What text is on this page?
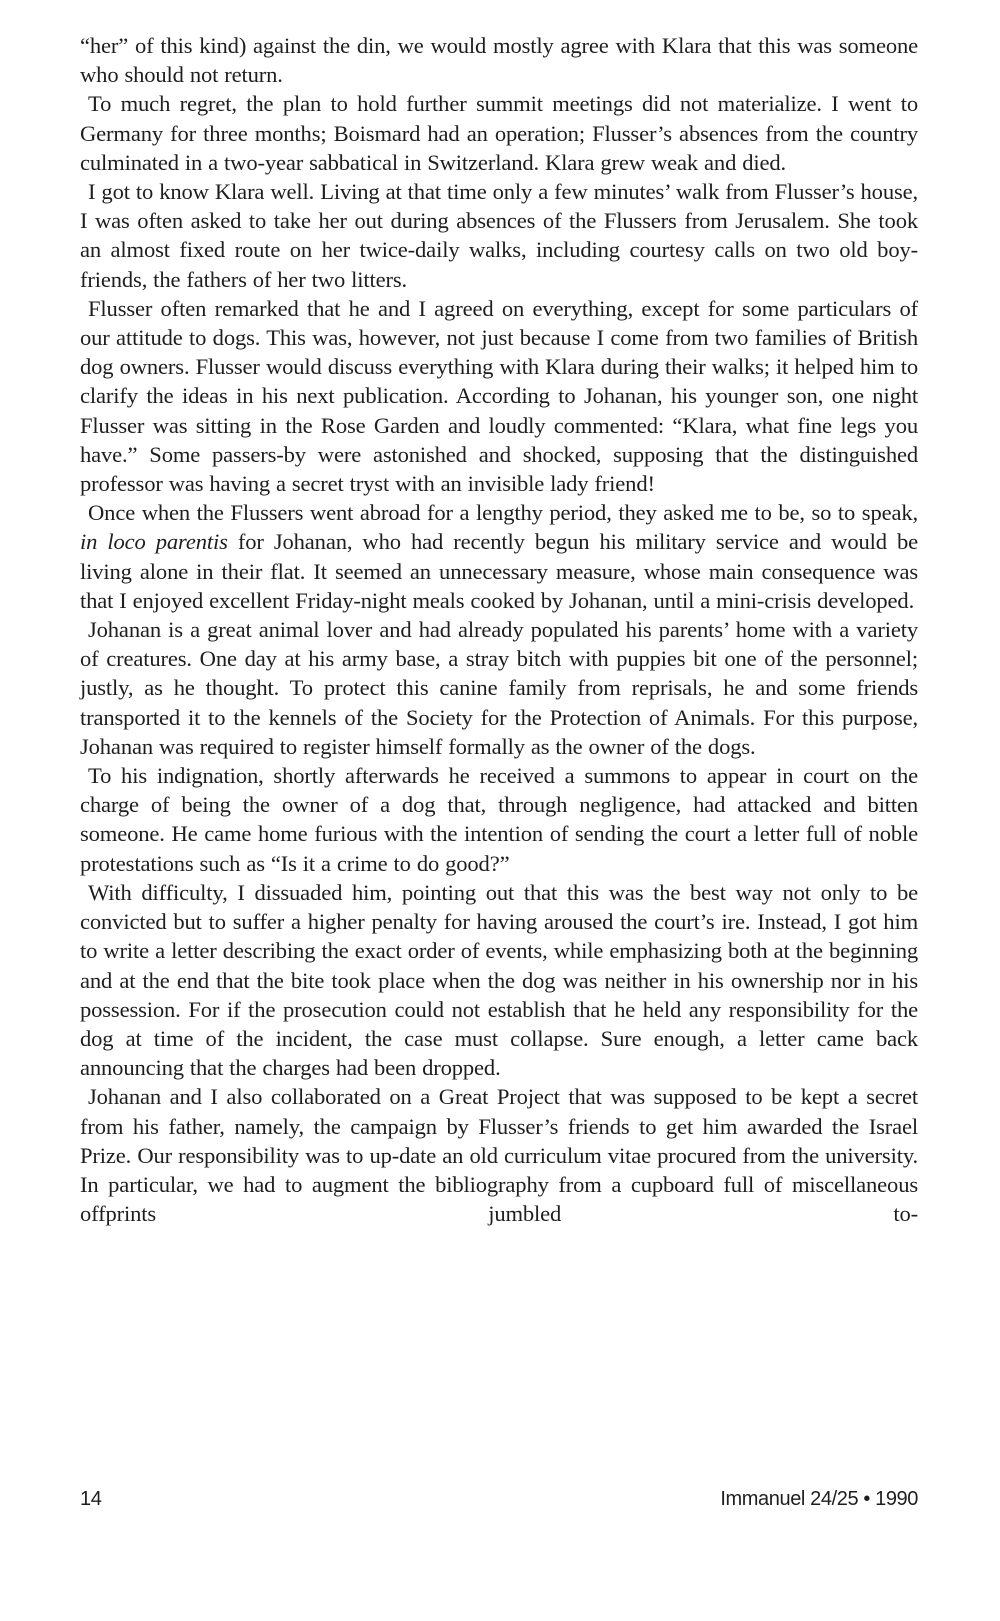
“her” of this kind) against the din, we would mostly agree with Klara that this was someone who should not return.

To much regret, the plan to hold further summit meetings did not materialize. I went to Germany for three months; Boismard had an operation; Flusser’s absences from the country culminated in a two-year sabbatical in Switzerland. Klara grew weak and died.

I got to know Klara well. Living at that time only a few minutes’ walk from Flusser’s house, I was often asked to take her out during absences of the Flussers from Jerusalem. She took an almost fixed route on her twice-daily walks, including courtesy calls on two old boy-friends, the fathers of her two litters.

Flusser often remarked that he and I agreed on everything, except for some particulars of our attitude to dogs. This was, however, not just because I come from two families of British dog owners. Flusser would discuss everything with Klara during their walks; it helped him to clarify the ideas in his next publication. According to Johanan, his younger son, one night Flusser was sitting in the Rose Garden and loudly commented: “Klara, what fine legs you have.” Some passers-by were astonished and shocked, supposing that the distinguished professor was having a secret tryst with an invisible lady friend!

Once when the Flussers went abroad for a lengthy period, they asked me to be, so to speak, in loco parentis for Johanan, who had recently begun his military service and would be living alone in their flat. It seemed an unnecessary measure, whose main consequence was that I enjoyed excellent Friday-night meals cooked by Johanan, until a mini-crisis developed.

Johanan is a great animal lover and had already populated his parents’ home with a variety of creatures. One day at his army base, a stray bitch with puppies bit one of the personnel; justly, as he thought. To protect this canine family from reprisals, he and some friends transported it to the kennels of the Society for the Protection of Animals. For this purpose, Johanan was required to register himself formally as the owner of the dogs.

To his indignation, shortly afterwards he received a summons to appear in court on the charge of being the owner of a dog that, through negligence, had attacked and bitten someone. He came home furious with the intention of sending the court a letter full of noble protestations such as “Is it a crime to do good?”

With difficulty, I dissuaded him, pointing out that this was the best way not only to be convicted but to suffer a higher penalty for having aroused the court’s ire. Instead, I got him to write a letter describing the exact order of events, while emphasizing both at the beginning and at the end that the bite took place when the dog was neither in his ownership nor in his possession. For if the prosecution could not establish that he held any responsibility for the dog at time of the incident, the case must collapse. Sure enough, a letter came back announcing that the charges had been dropped.

Johanan and I also collaborated on a Great Project that was supposed to be kept a secret from his father, namely, the campaign by Flusser’s friends to get him awarded the Israel Prize. Our responsibility was to up-date an old curriculum vitae procured from the university. In particular, we had to augment the bibliography from a cupboard full of miscellaneous offprints jumbled to-

14	Immanuel 24/25 • 1990
